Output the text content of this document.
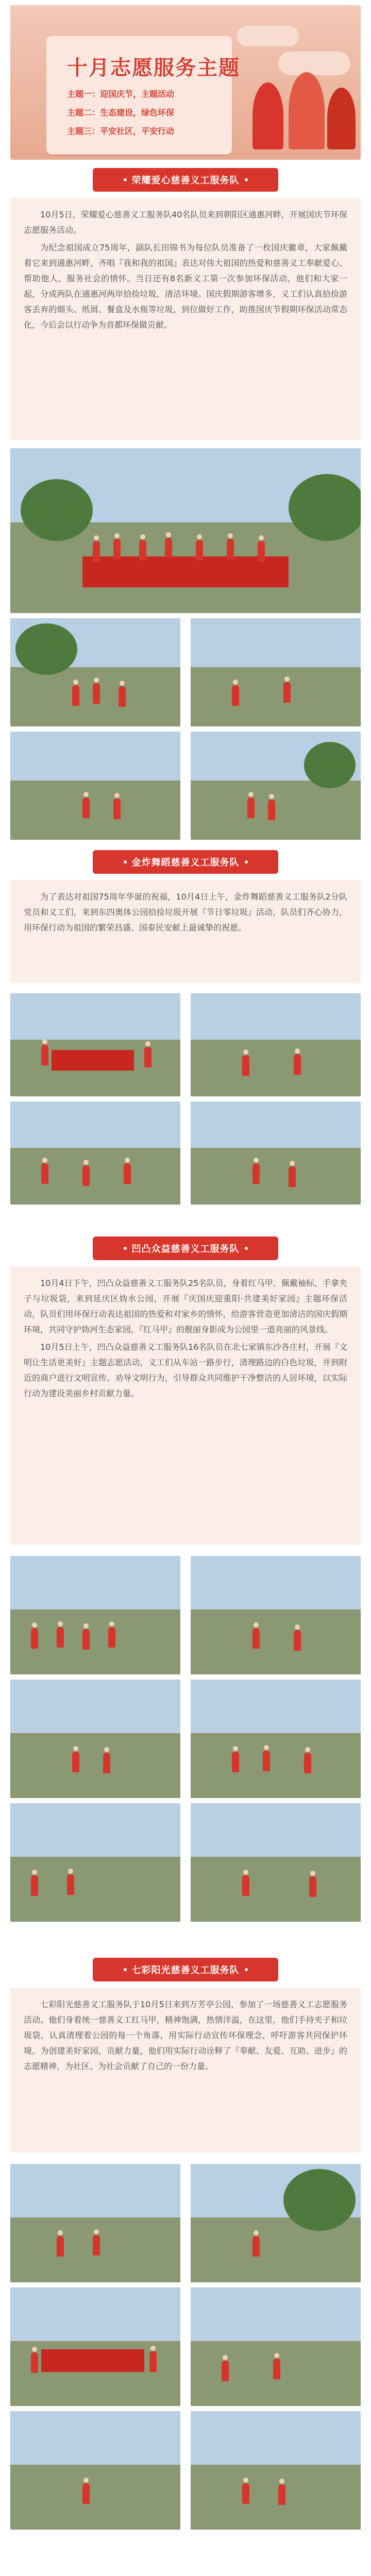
十月志愿服务主题
主题一：迎国庆节，主题活动
主题二：生态建设，绿色环保
主题三：平安社区，平安行动
荣耀爱心慈善义工服务队

10月5日，荣耀爱心慈善义工服务队40名队员来到朝阳区通惠河畔，开展国庆节环保志愿服务活动。

为纪念祖国成立75周年，副队长田锦书为每位队员准备了一枚国庆徽章，大家佩戴着它来到通惠河畔，齐唱『我和我的祖国』表达对伟大祖国的热爱和慈善义工奉献爱心、帮助他人、服务社会的情怀。当日还有8名新义工第一次参加环保活动，他们和大家一起，分成两队在通惠河两岸拾捡垃圾，清洁环境。国庆假期游客增多，义工们认真拾捡游客丢弃的烟头、纸屑、餐盒及水瓶等垃圾，到位做好工作，助推国庆节假期环保活动常态化，今后会以行动争为首都环保做贡献。

金炸舞蹈慈善义工服务队

为了表达对祖国75周年华诞的祝福，10月4日上午，金炸舞蹈慈善义工服务队2分队党员和义工们，来到东四奥体公园拾捡垃圾开展『节日零垃圾』活动，队员们齐心协力，用环保行动为祖国的繁荣昌盛、国泰民安献上最诚挚的祝愿。

凹凸众益慈善义工服务队

10月4日下午，凹凸众益慈善义工服务队25名队员，身着红马甲、佩戴袖标，手拿夹子与垃圾袋，来到延庆区妫水公园，开展『庆国庆迎重阳·共建美好家园』主题环保活动，队员们用环保行动表达祖国的热爱和对家乡的情怀，给游客营造更加清洁的国庆假期环境，共同守护妫河生态家园，『红马甲』的靓丽身影成为公园里一道亮丽的风景线。

10月5日上午，凹凸众益慈善义工服务队16名队员在北七家镇东沙各庄村，开展『文明让生活更美好』主题志愿活动，义工们从车站一路步行，清理路边的白色垃圾，并到附近的商户进行文明宣传、劝导文明行为，引导群众共同维护干净整洁的人居环境，以实际行动为建设美丽乡村贡献力量。

七彩阳光慈善义工服务队

七彩阳光慈善义工服务队于10月5日来到万芳亭公园，参加了一场慈善义工志愿服务活动。他们身着统一慈善义工红马甲，精神饱满，热情洋溢，在这里，他们手持夹子和垃圾袋，认真清理着公园的每一个角落，用实际行动宣传环保理念，呼吁游客共同保护环境。为创建美好家园，贡献力量，他们用实际行动诠释了『奉献、友爱、互助、进步』的志愿精神，为社区、为社会贡献了自己的一份力量。
